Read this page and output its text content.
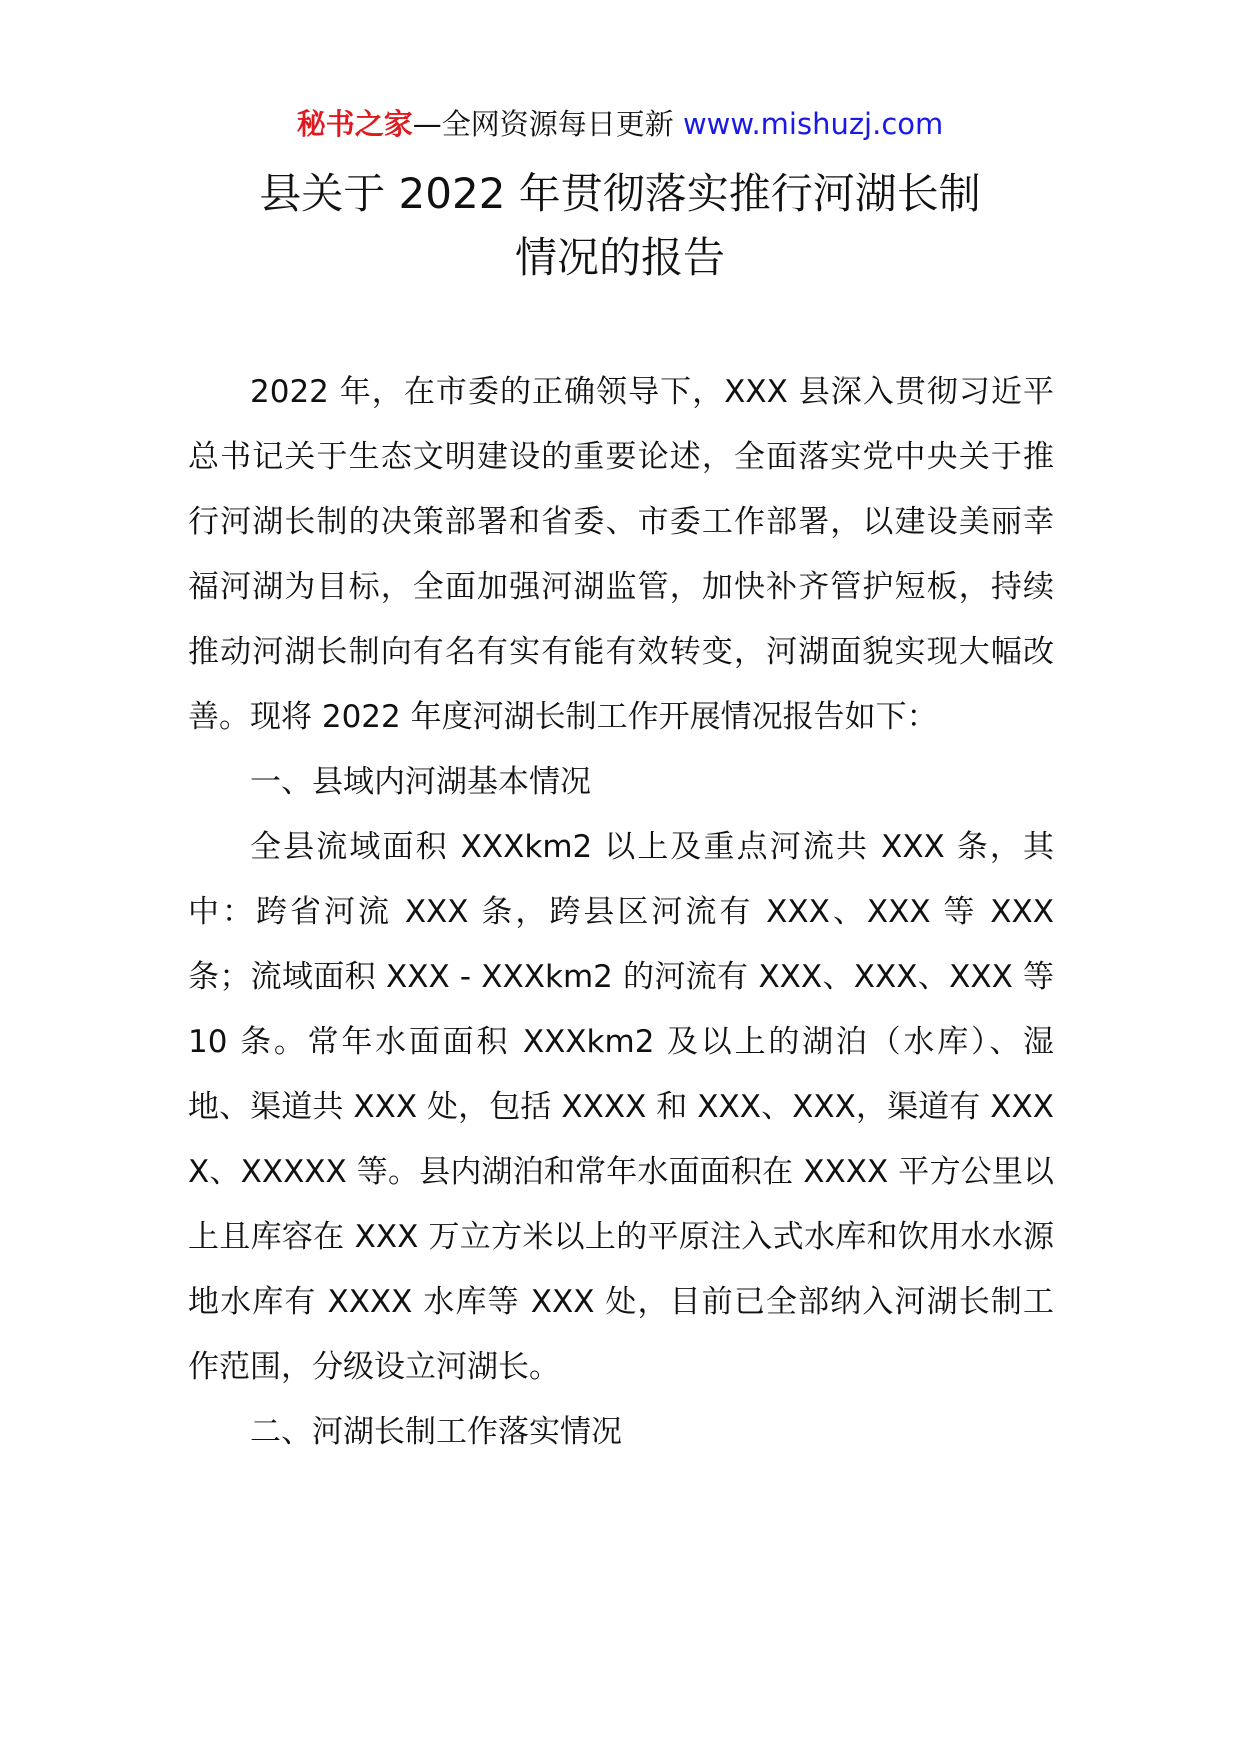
秘书之家—全网资源每日更新 www.mishuzj.com
县关于 2022 年贯彻落实推行河湖长制
情况的报告

2022 年，在市委的正确领导下，XXX 县深入贯彻习近平总书记关于生态文明建设的重要论述，全面落实党中央关于推行河湖长制的决策部署和省委、市委工作部署，以建设美丽幸福河湖为目标，全面加强河湖监管，加快补齐管护短板，持续推动河湖长制向有名有实有能有效转变，河湖面貌实现大幅改善。现将 2022 年度河湖长制工作开展情况报告如下：

一、县域内河湖基本情况

全县流域面积 XXXkm2 以上及重点河流共 XXX 条，其中：跨省河流 XXX 条，跨县区河流有 XXX、XXX 等 XXX 条；流域面积 XXX - XXXkm2 的河流有 XXX、XXX、XXX 等 10 条。常年水面面积 XXXkm2 及以上的湖泊（水库）、湿地、渠道共 XXX 处，包括 XXXX 和 XXX、XXX，渠道有 XXXX、XXXXX 等。县内湖泊和常年水面面积在 XXXX 平方公里以上且库容在 XXX 万立方米以上的平原注入式水库和饮用水水源地水库有 XXXX 水库等 XXX 处，目前已全部纳入河湖长制工作范围，分级设立河湖长。

二、河湖长制工作落实情况
